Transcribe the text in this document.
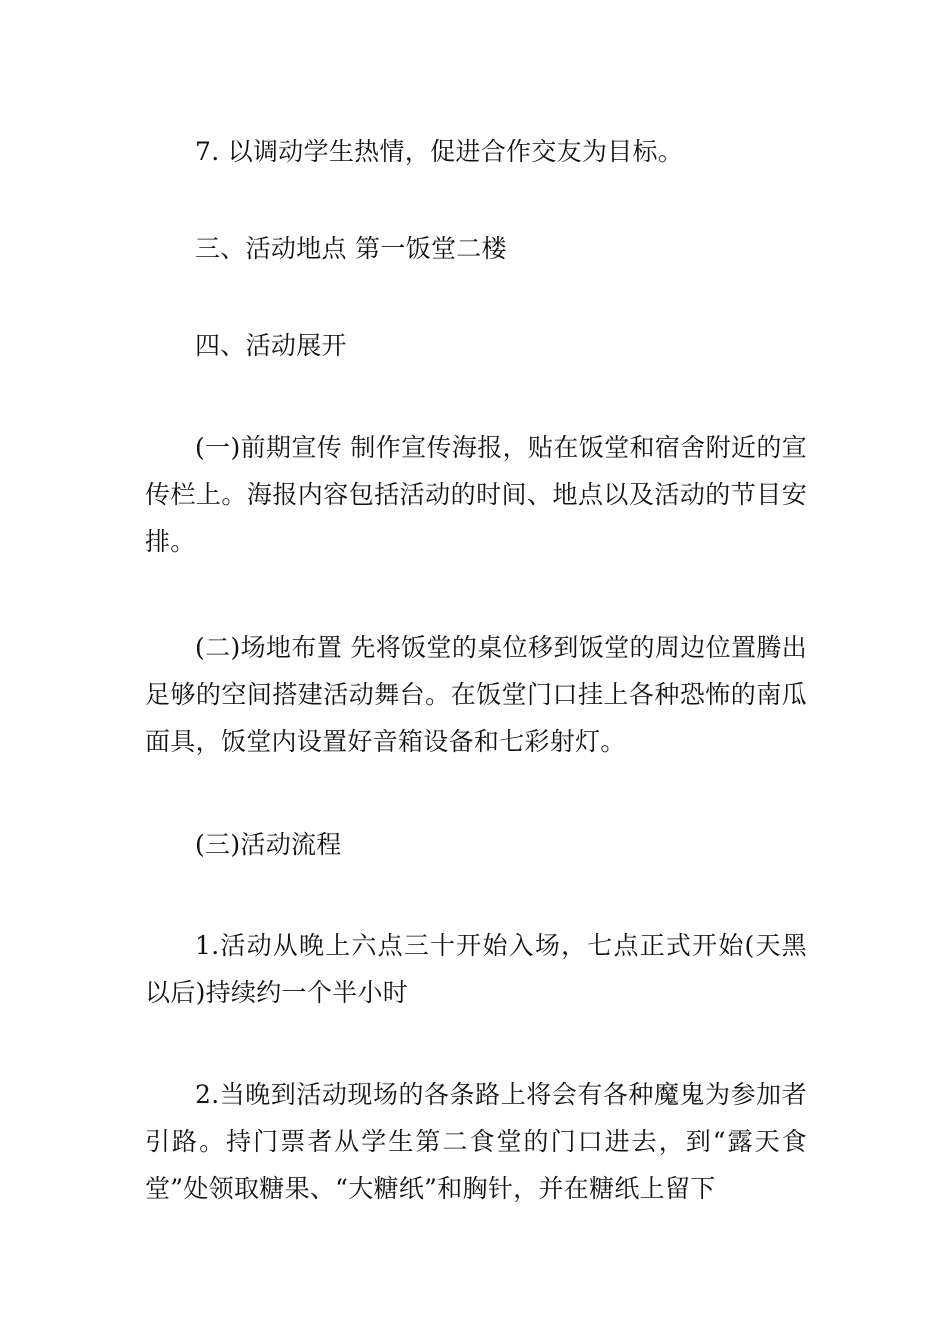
7. 以调动学生热情，促进合作交友为目标。

三、活动地点 第一饭堂二楼

四、活动展开

(一)前期宣传 制作宣传海报，贴在饭堂和宿舍附近的宣传栏上。海报内容包括活动的时间、地点以及活动的节目安排。

(二)场地布置 先将饭堂的桌位移到饭堂的周边位置腾出足够的空间搭建活动舞台。在饭堂门口挂上各种恐怖的南瓜面具，饭堂内设置好音箱设备和七彩射灯。

(三)活动流程

1.活动从晚上六点三十开始入场，七点正式开始(天黑以后)持续约一个半小时

2.当晚到活动现场的各条路上将会有各种魔鬼为参加者引路。持门票者从学生第二食堂的门口进去，到“露天食堂”处领取糖果、“大糖纸”和胸针，并在糖纸上留下
